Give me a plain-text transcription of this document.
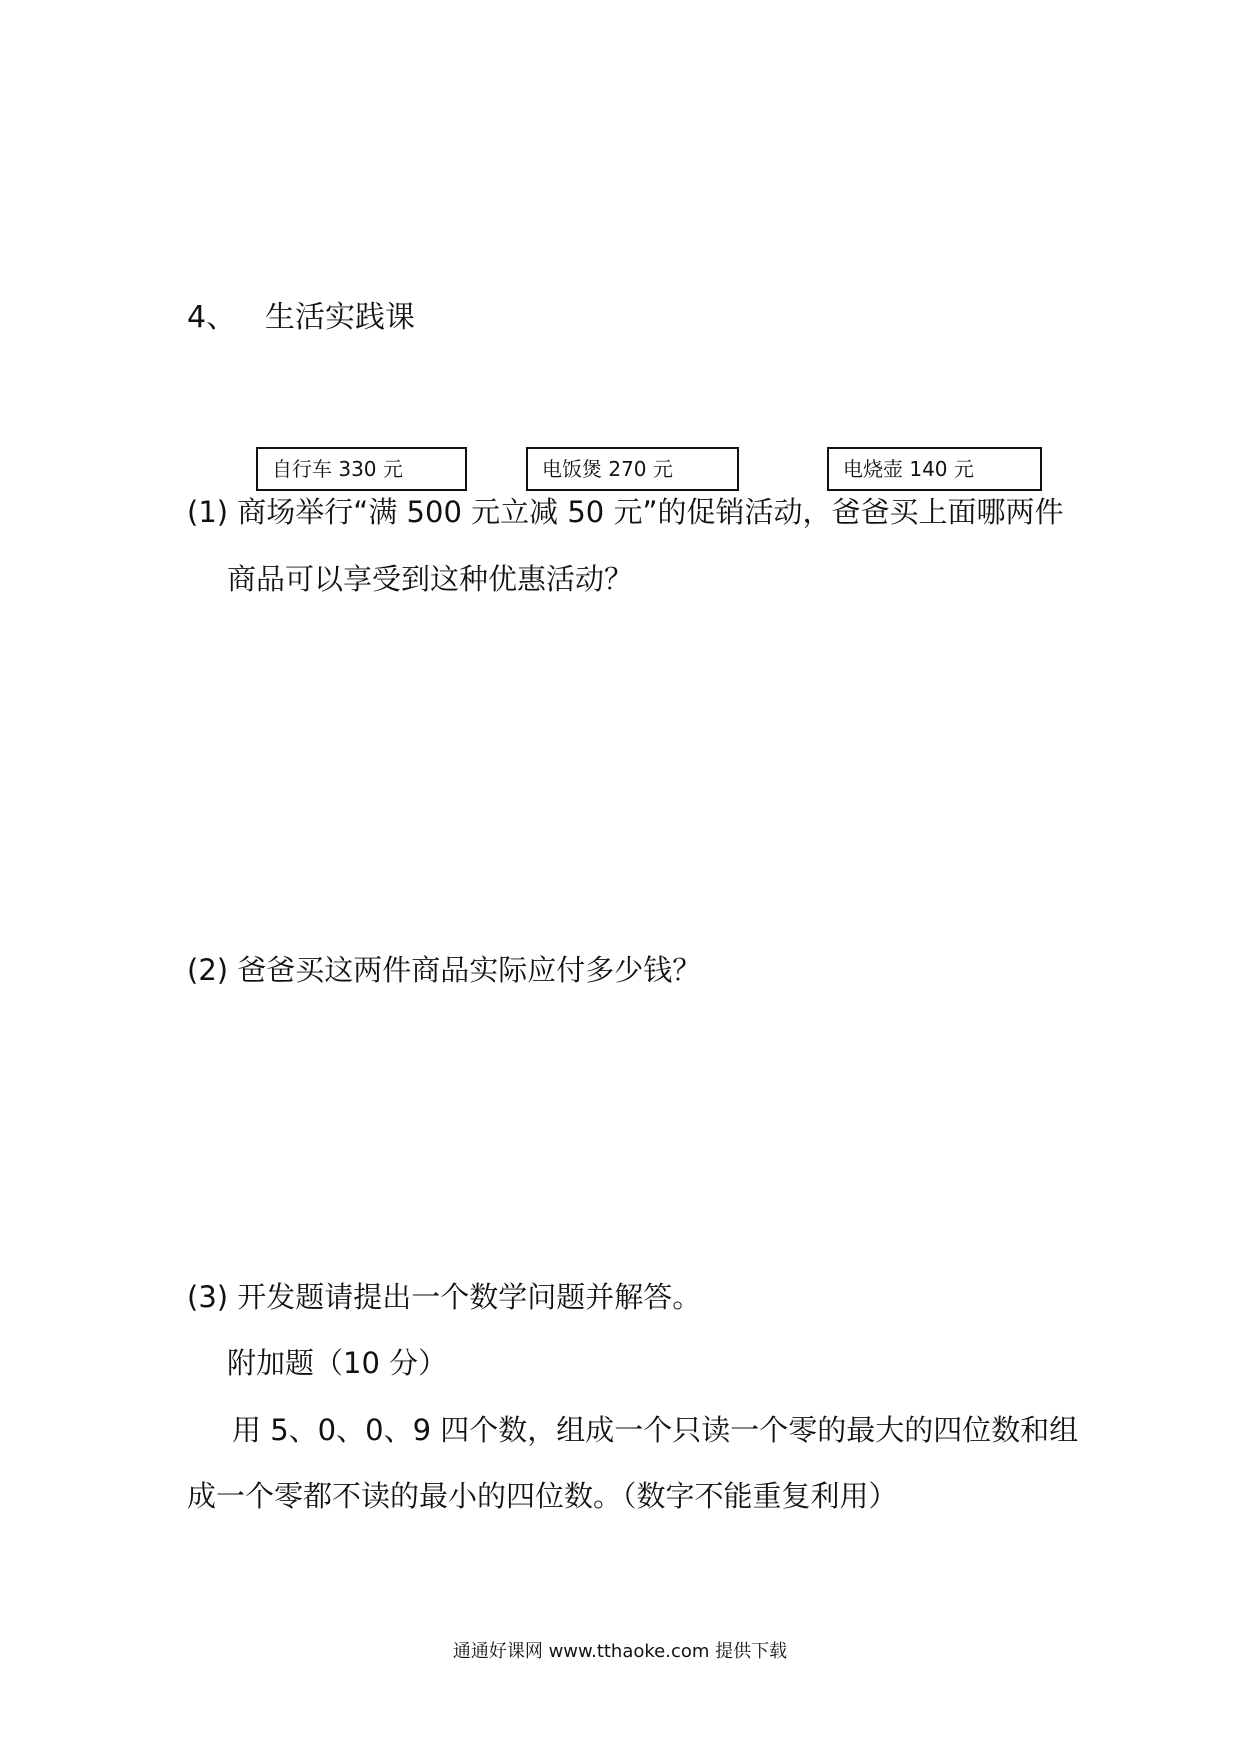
4、 生活实践课
自行车 330 元	电饭煲 270 元	电烧壶 140 元
(1) 商场举行“满 500 元立减 50 元”的促销活动，爸爸买上面哪两件
商品可以享受到这种优惠活动？
(2) 爸爸买这两件商品实际应付多少钱？
(3) 开发题请提出一个数学问题并解答。
附加题（10 分）
用 5、0、0、9 四个数，组成一个只读一个零的最大的四位数和组
成一个零都不读的最小的四位数。（数字不能重复利用）
通通好课网 www.tthaoke.com 提供下载
